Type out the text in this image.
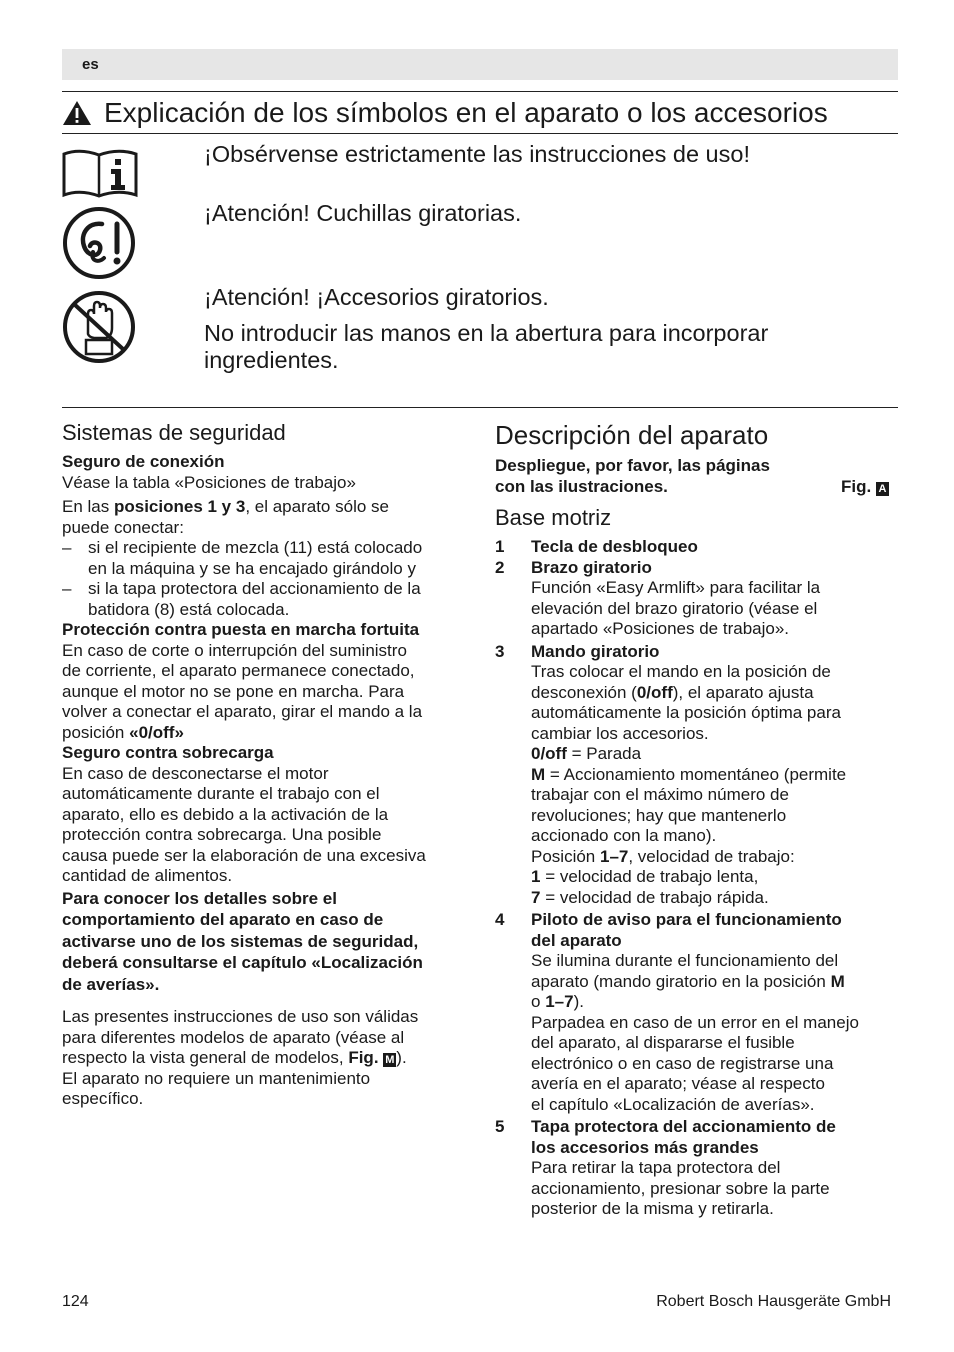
es
Explicación de los símbolos en el aparato o los accesorios
¡Obsérvense estrictamente las instrucciones de uso!
¡Atención! Cuchillas giratorias.
¡Atención! ¡Accesorios giratorios.
No introducir las manos en la abertura para incorporar
ingredientes.
Sistemas de seguridad

Seguro de conexión

Véase la tabla «Posiciones de trabajo»

En las posiciones 1 y 3, el aparato sólo se

puede conectar:

– si el recipiente de mezcla (11) está colocado

en la máquina y se ha encajado girándolo y

– si la tapa protectora del accionamiento de la

batidora (8) está colocada.

Protección contra puesta en marcha fortuita

En caso de corte o interrupción del suministro

de corriente, el aparato permanece conectado,

aunque el motor no se pone en marcha. Para

volver a conectar el aparato, girar el mando a la

posición «0/off»

Seguro contra sobrecarga

En caso de desconectarse el motor

automáticamente durante el trabajo con el

aparato, ello es debido a la activación de la

protección contra sobrecarga. Una posible

causa puede ser la elaboración de una excesiva

cantidad de alimentos.

Para conocer los detalles sobre el

comportamiento del aparato en caso de

activarse uno de los sistemas de seguridad,

deberá consultarse el capítulo «Localización

de averías».

Las presentes instrucciones de uso son válidas

para diferentes modelos de aparato (véase al

respecto la vista general de modelos, Fig. M ).

El aparato no requiere un mantenimiento

específico.

Descripción del aparato

Despliegue, por favor, las páginas

con las ilustraciones.	Fig. A

Base motriz
1	Tecla de desbloqueo

2	Brazo giratorio

Función «Easy Armlift» para facilitar la

elevación del brazo giratorio (véase el

apartado «Posiciones de trabajo».

3	Mando giratorio

Tras colocar el mando en la posición de

desconexión (0/off), el aparato ajusta

automáticamente la posición óptima para

cambiar los accesorios.

0/off = Parada

M = Accionamiento momentáneo (permite

trabajar con el máximo número de

revoluciones; hay que mantenerlo

accionado con la mano).

Posición 1–7, velocidad de trabajo:

1 = velocidad de trabajo lenta,

7 = velocidad de trabajo rápida.

4	Piloto de aviso para el funcionamiento

del aparato

Se ilumina durante el funcionamiento del

aparato (mando giratorio en la posición M

o 1–7).

Parpadea en caso de un error en el manejo

del aparato, al dispararse el fusible

electrónico o en caso de registrarse una

avería en el aparato; véase al respecto

el capítulo «Localización de averías».

5	Tapa protectora del accionamiento de

los accesorios más grandes

Para retirar la tapa protectora del

accionamiento, presionar sobre la parte

posterior de la misma y retirarla.

124	Robert Bosch Hausgeräte GmbH
